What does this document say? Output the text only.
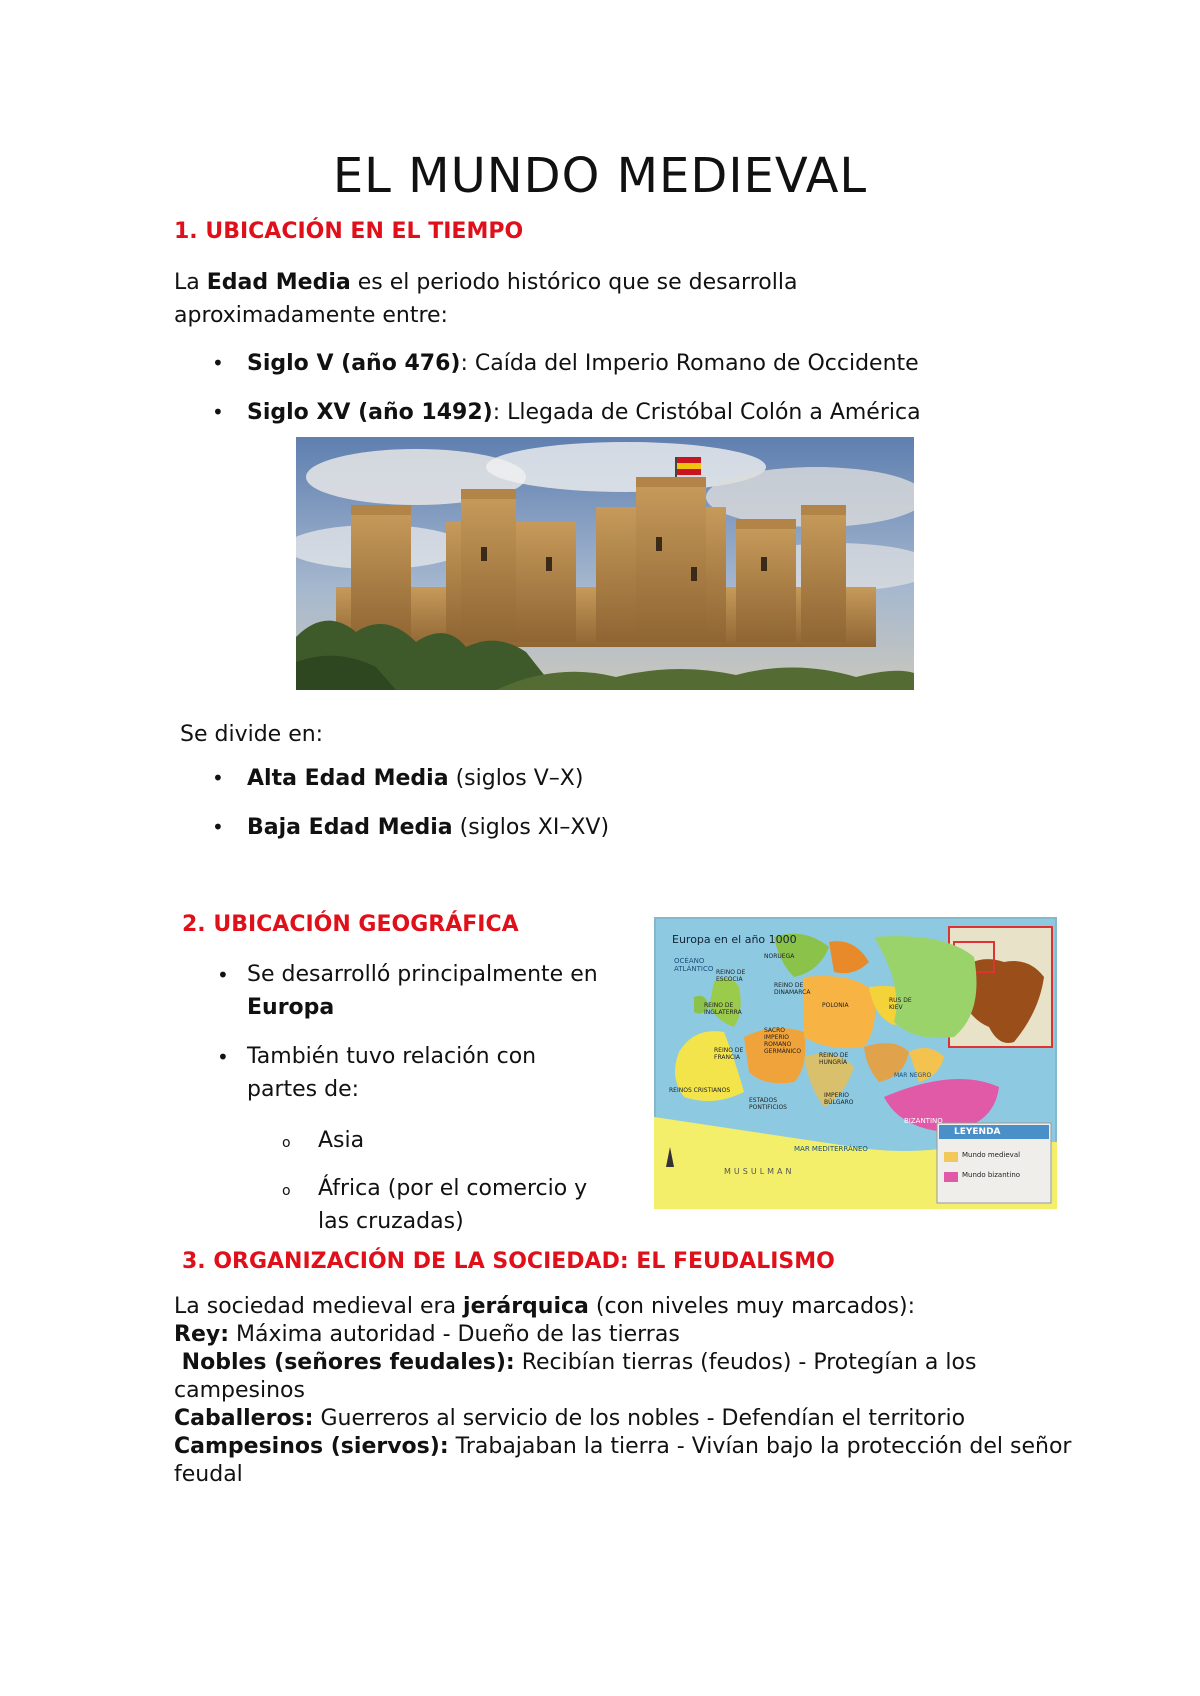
EL MUNDO MEDIEVAL
1. UBICACIÓN EN EL TIEMPO
La Edad Media es el periodo histórico que se desarrolla
aproximadamente entre:
• Siglo V (año 476): Caída del Imperio Romano de Occidente
• Siglo XV (año 1492): Llegada de Cristóbal Colón a América
Se divide en:
• Alta Edad Media (siglos V–X)
• Baja Edad Media (siglos XI–XV)
2. UBICACIÓN GEOGRÁFICA
• Se desarrolló principalmente en
Europa
• También tuvo relación con
partes de:
o Asia
o África (por el comercio y
las cruzadas)
Europa en el año 1000
LEYENDA
Mundo medieval
Mundo bizantino
OCÉANO ATLÁNTICO
NORUEGA
REINO DE ESCOCIA
REINO DE INGLATERRA
REINO DE DINAMARCA
POLONIA
RUS DE KIEV
SACRO IMPERIO ROMANO GERMÁNICO
REINO DE FRANCIA	REINO DE HUNGRÍA
REINOS CRISTIANOS
ESTADOS PONTIFICIOS
IMPERIO BÚLGARO
BIZANTINO
MAR NEGRO
MAR MEDITERRÁNEO
MUSULMAN
3. ORGANIZACIÓN DE LA SOCIEDAD: EL FEUDALISMO
La sociedad medieval era jerárquica (con niveles muy marcados):
Rey: Máxima autoridad - Dueño de las tierras
Nobles (señores feudales): Recibían tierras (feudos) - Protegían a los campesinos
Caballeros: Guerreros al servicio de los nobles - Defendían el territorio
Campesinos (siervos): Trabajaban la tierra - Vivían bajo la protección del señor feudal
